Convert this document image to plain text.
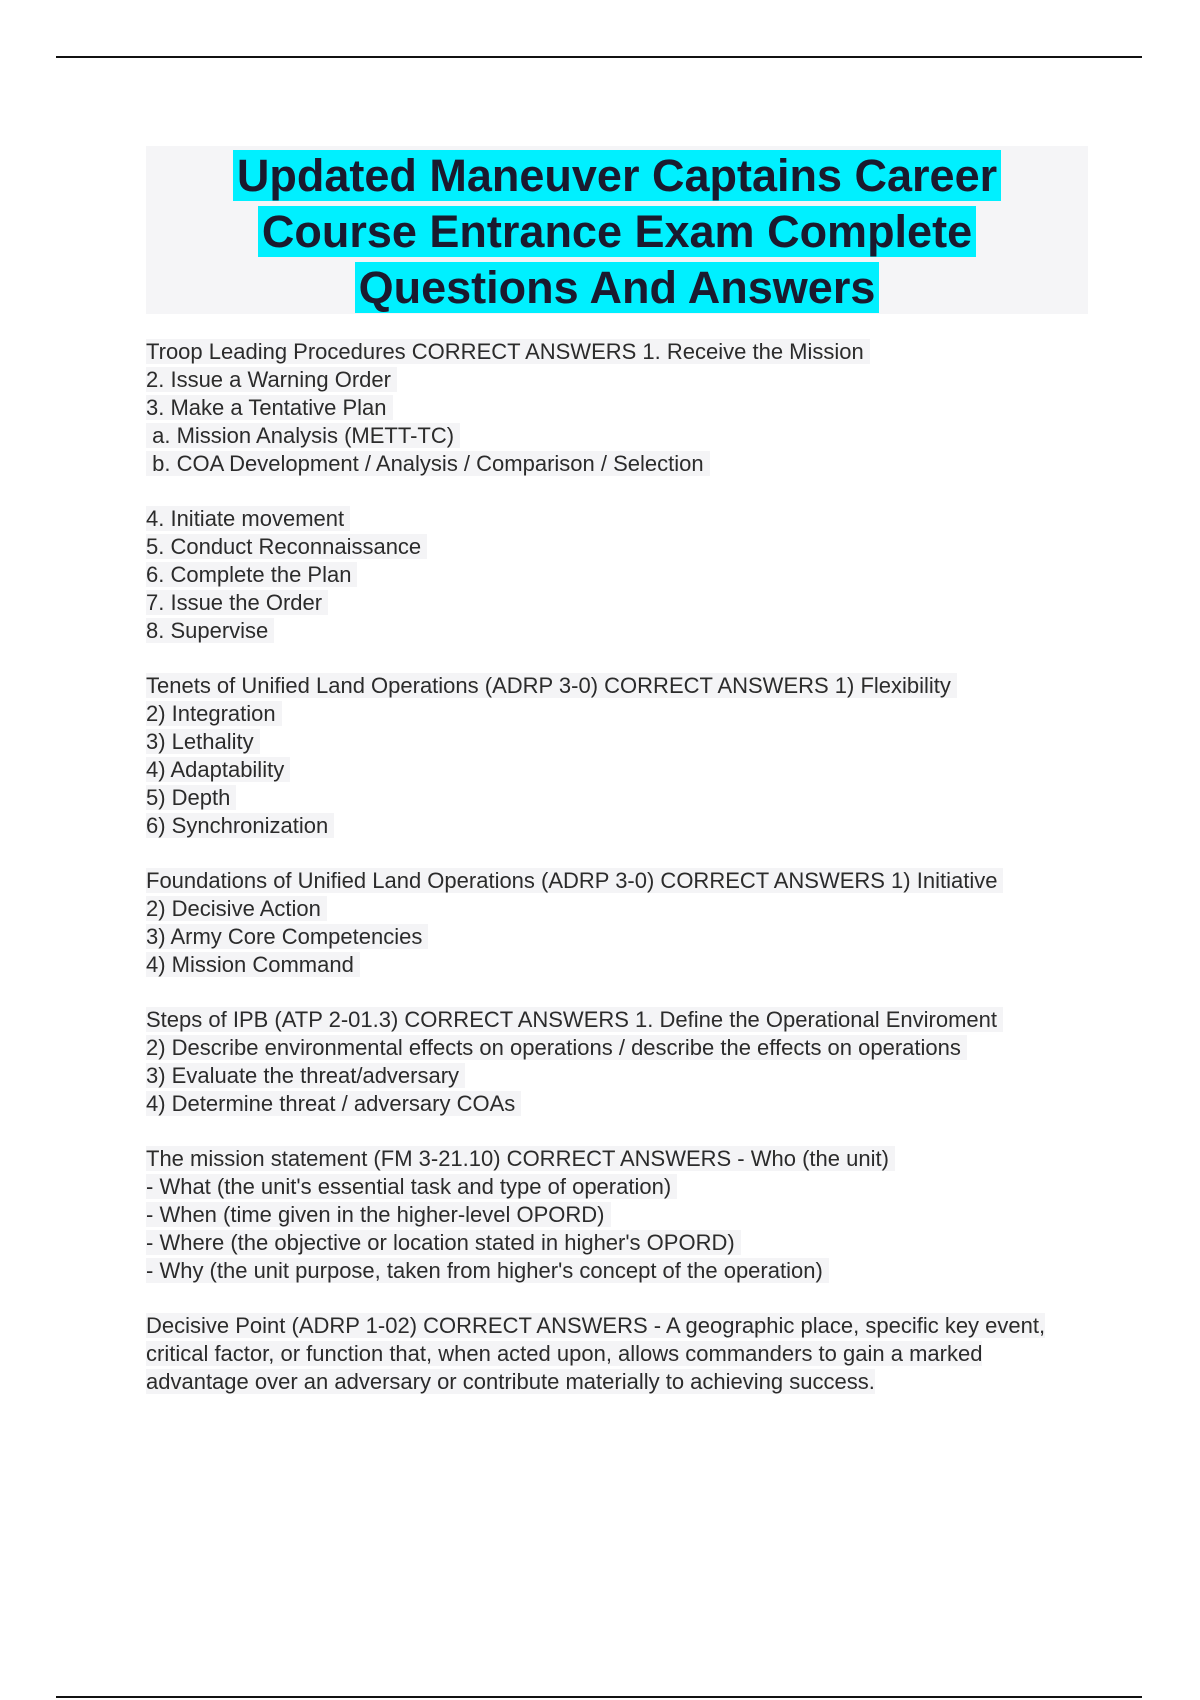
Updated Maneuver Captains Career
Course Entrance Exam Complete
Questions And Answers
Troop Leading Procedures CORRECT ANSWERS 1. Receive the Mission
2. Issue a Warning Order
3. Make a Tentative Plan
a. Mission Analysis (METT-TC)
b. COA Development / Analysis / Comparison / Selection
4. Initiate movement
5. Conduct Reconnaissance
6. Complete the Plan
7. Issue the Order
8. Supervise
Tenets of Unified Land Operations (ADRP 3-0) CORRECT ANSWERS 1) Flexibility
2) Integration
3) Lethality
4) Adaptability
5) Depth
6) Synchronization
Foundations of Unified Land Operations (ADRP 3-0) CORRECT ANSWERS 1) Initiative
2) Decisive Action
3) Army Core Competencies
4) Mission Command
Steps of IPB (ATP 2-01.3) CORRECT ANSWERS 1. Define the Operational Enviroment
2) Describe environmental effects on operations / describe the effects on operations
3) Evaluate the threat/adversary
4) Determine threat / adversary COAs
The mission statement (FM 3-21.10) CORRECT ANSWERS - Who (the unit)
- What (the unit's essential task and type of operation)
- When (time given in the higher-level OPORD)
- Where (the objective or location stated in higher's OPORD)
- Why (the unit purpose, taken from higher's concept of the operation)
Decisive Point (ADRP 1-02) CORRECT ANSWERS - A geographic place, specific key event, critical factor, or function that, when acted upon, allows commanders to gain a marked advantage over an adversary or contribute materially to achieving success.
